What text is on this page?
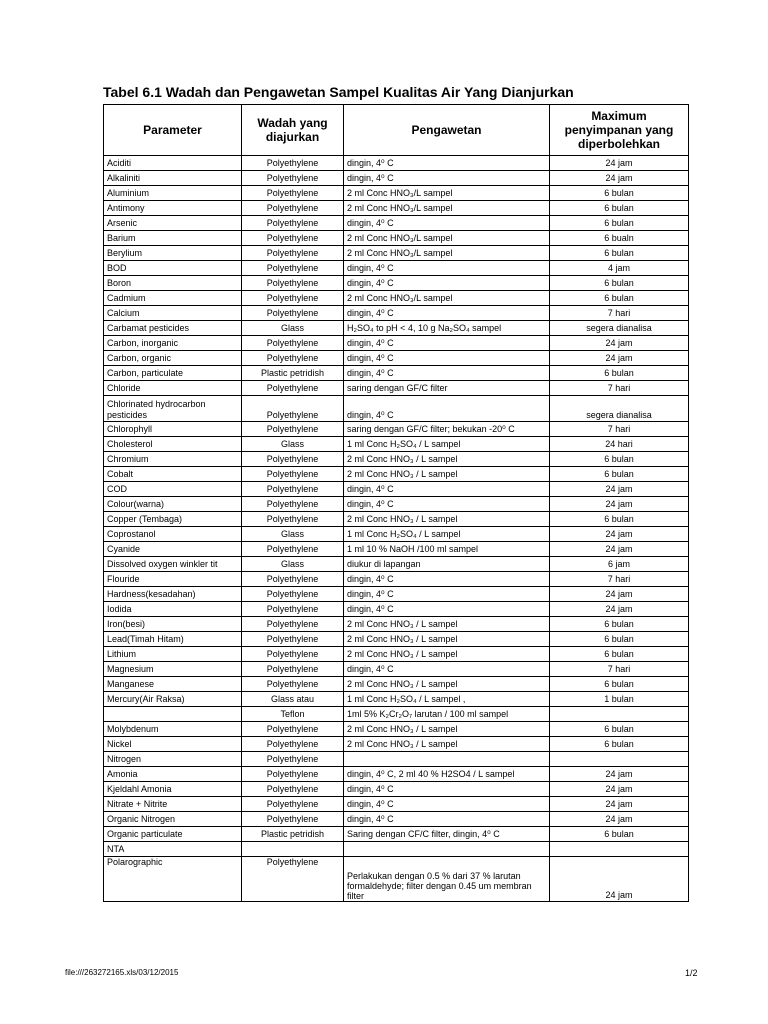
Tabel 6.1 Wadah dan Pengawetan Sampel Kualitas Air Yang Dianjurkan
Parameter	Wadah yang diajurkan	Pengawetan	Maximum penyimpanan yang diperbolehkan
Aciditi	Polyethylene	dingin, 4⁰ C	24 jam
Alkaliniti	Polyethylene	dingin, 4⁰ C	24 jam
Aluminium	Polyethylene	2 ml Conc HNO₃/L sampel	6 bulan
Antimony	Polyethylene	2 ml Conc HNO₃/L sampel	6 bulan
Arsenic	Polyethylene	dingin, 4⁰ C	6 bulan
Barium	Polyethylene	2 ml Conc HNO₃/L sampel	6 bualn
Berylium	Polyethylene	2 ml Conc HNO₃/L sampel	6 bulan
BOD	Polyethylene	dingin, 4⁰ C	4 jam
Boron	Polyethylene	dingin, 4⁰ C	6 bulan
Cadmium	Polyethylene	2 ml Conc HNO₃/L sampel	6 bulan
Calcium	Polyethylene	dingin, 4⁰ C	7 hari
Carbamat pesticides	Glass	H₂SO₄ to pH < 4, 10 g Na₂SO₄ sampel	segera dianalisa
Carbon, inorganic	Polyethylene	dingin, 4⁰ C	24 jam
Carbon, organic	Polyethylene	dingin, 4⁰ C	24 jam
Carbon, particulate	Plastic petridish	dingin, 4⁰ C	6 bulan
Chloride	Polyethylene	saring dengan GF/C filter	7 hari
Chlorinated hydrocarbon pesticides	Polyethylene	dingin, 4⁰ C	segera dianalisa
Chlorophyll	Polyethylene	saring dengan GF/C filter; bekukan -20⁰ C	7 hari
Cholesterol	Glass	1 ml Conc H₂SO₄ / L sampel	24 hari
Chromium	Polyethylene	2 ml Conc HNO₃ / L sampel	6 bulan
Cobalt	Polyethylene	2 ml Conc HNO₃ / L sampel	6 bulan
COD	Polyethylene	dingin, 4⁰ C	24 jam
Colour(warna)	Polyethylene	dingin, 4⁰ C	24 jam
Copper (Tembaga)	Polyethylene	2 ml Conc HNO₃ / L sampel	6 bulan
Coprostanol	Glass	1 ml Conc H₂SO₄ / L sampel	24 jam
Cyanide	Polyethylene	1 ml 10 % NaOH /100 ml sampel	24 jam
Dissolved oxygen winkler tit	Glass	diukur di lapangan	6 jam
Flouride	Polyethylene	dingin, 4⁰ C	7 hari
Hardness(kesadahan)	Polyethylene	dingin, 4⁰ C	24 jam
Iodida	Polyethylene	dingin, 4⁰ C	24 jam
Iron(besi)	Polyethylene	2 ml Conc HNO₃ / L sampel	6 bulan
Lead(Timah Hitam)	Polyethylene	2 ml Conc HNO₃ / L sampel	6 bulan
Lithium	Polyethylene	2 ml Conc HNO₃ / L sampel	6 bulan
Magnesium	Polyethylene	dingin, 4⁰ C	7 hari
Manganese	Polyethylene	2 ml Conc HNO₃ / L sampel	6 bulan
Mercury(Air Raksa)	Glass atau	1 ml Conc H₂SO₄ / L sampel ,	1 bulan
	Teflon	1ml 5% K₂Cr₂O₇ larutan / 100 ml sampel	
Molybdenum	Polyethylene	2 ml Conc HNO₃ / L sampel	6 bulan
Nickel	Polyethylene	2 ml Conc HNO₃ / L sampel	6 bulan
Nitrogen	Polyethylene		
Amonia	Polyethylene	dingin, 4⁰ C, 2 ml 40 % H2SO4 / L sampel	24 jam
Kjeldahl Amonia	Polyethylene	dingin, 4⁰ C	24 jam
Nitrate + Nitrite	Polyethylene	dingin, 4⁰ C	24 jam
Organic Nitrogen	Polyethylene	dingin, 4⁰ C	24 jam
Organic particulate	Plastic petridish	Saring dengan CF/C filter, dingin, 4⁰ C	6 bulan
NTA			
Polarographic	Polyethylene	Perlakukan dengan 0.5 % dari 37 % larutan formaldehyde; filter dengan 0.45 um membran filter	24 jam
file:///263272165.xls/03/12/2015	1/2
